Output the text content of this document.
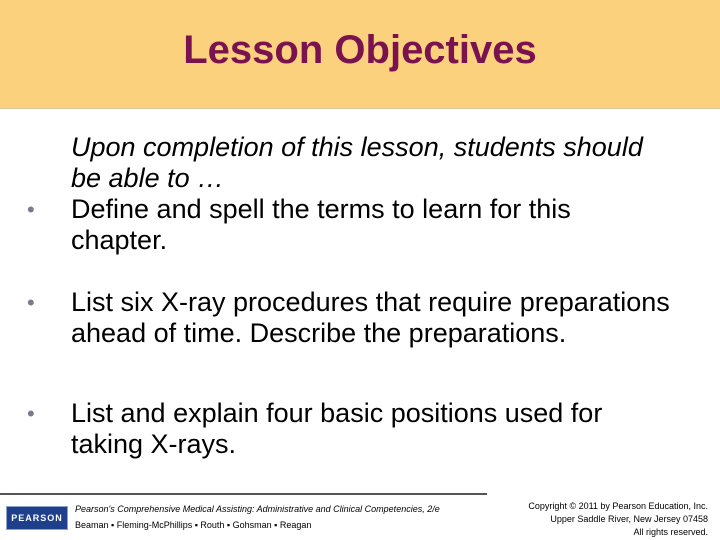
Lesson Objectives
Upon completion of this lesson, students should be able to …
• Define and spell the terms to learn for this chapter.
• List six X-ray procedures that require preparations ahead of time. Describe the preparations.
• List and explain four basic positions used for taking X-rays.
PEARSON
Pearson's Comprehensive Medical Assisting: Administrative and Clinical Competencies, 2/e
Beaman ▪ Fleming-McPhillips ▪ Routh ▪ Gohsman ▪ Reagan
Copyright © 2011 by Pearson Education, Inc.
Upper Saddle River, New Jersey 07458
All rights reserved.
